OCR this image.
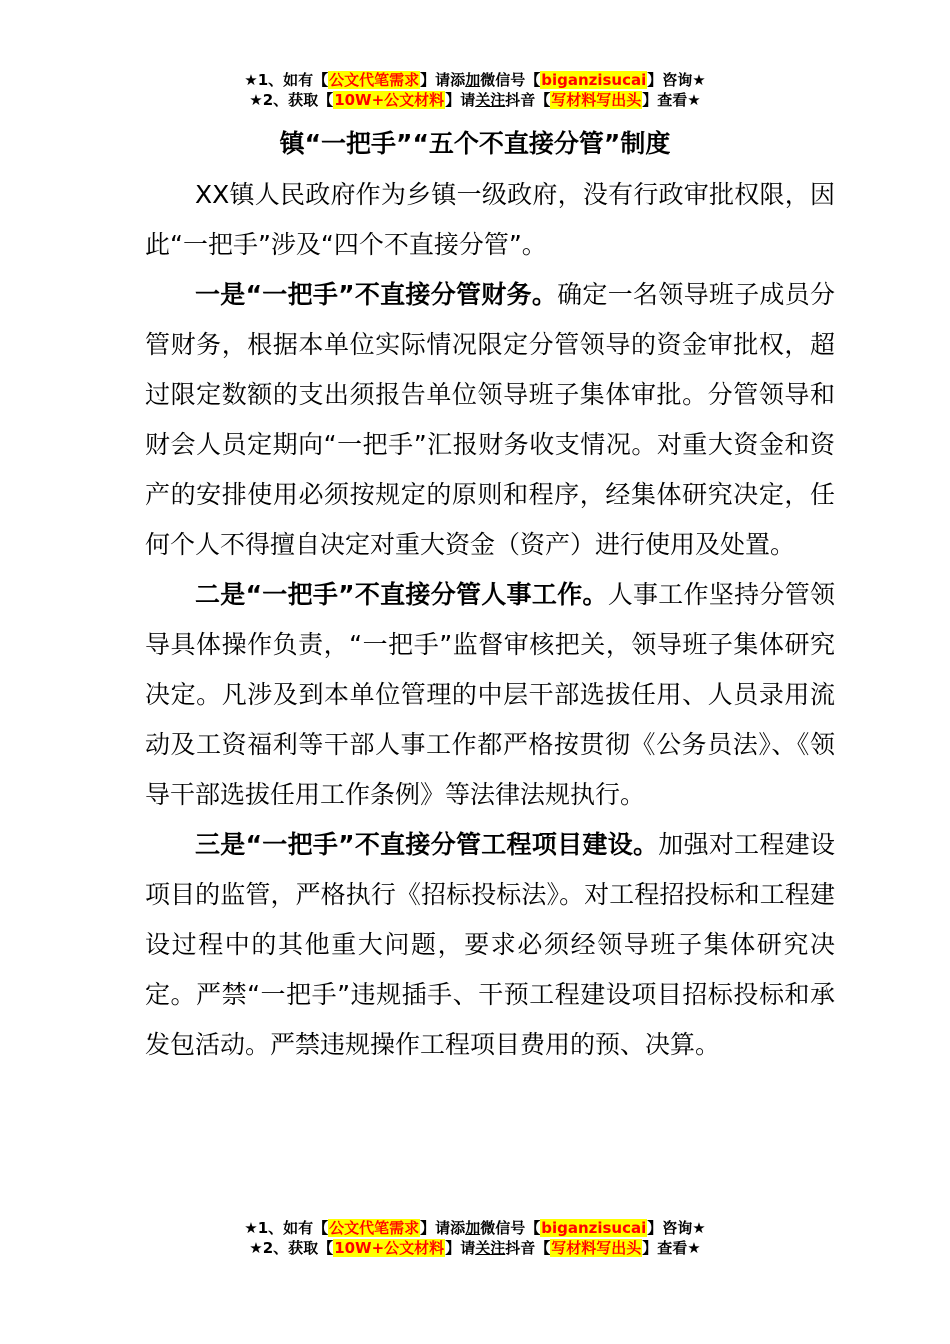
★1、如有【公文代笔需求】请添加微信号【biganzisucai】咨询★
★2、获取【10W+公文材料】请关注抖音【写材料写出头】查看★
镇“一把手”“五个不直接分管”制度

XX镇人民政府作为乡镇一级政府，没有行政审批权限，因此“一把手”涉及“四个不直接分管”。

一是“一把手”不直接分管财务。确定一名领导班子成员分管财务，根据本单位实际情况限定分管领导的资金审批权，超过限定数额的支出须报告单位领导班子集体审批。分管领导和财会人员定期向“一把手”汇报财务收支情况。对重大资金和资产的安排使用必须按规定的原则和程序，经集体研究决定，任何个人不得擅自决定对重大资金（资产）进行使用及处置。

二是“一把手”不直接分管人事工作。人事工作坚持分管领导具体操作负责，“一把手”监督审核把关，领导班子集体研究决定。凡涉及到本单位管理的中层干部选拔任用、人员录用流动及工资福利等干部人事工作都严格按贯彻《公务员法》、《领导干部选拔任用工作条例》等法律法规执行。

三是“一把手”不直接分管工程项目建设。加强对工程建设项目的监管，严格执行《招标投标法》。对工程招投标和工程建设过程中的其他重大问题，要求必须经领导班子集体研究决定。严禁“一把手”违规插手、干预工程建设项目招标投标和承发包活动。严禁违规操作工程项目费用的预、决算。

★1、如有【公文代笔需求】请添加微信号【biganzisucai】咨询★
★2、获取【10W+公文材料】请关注抖音【写材料写出头】查看★
